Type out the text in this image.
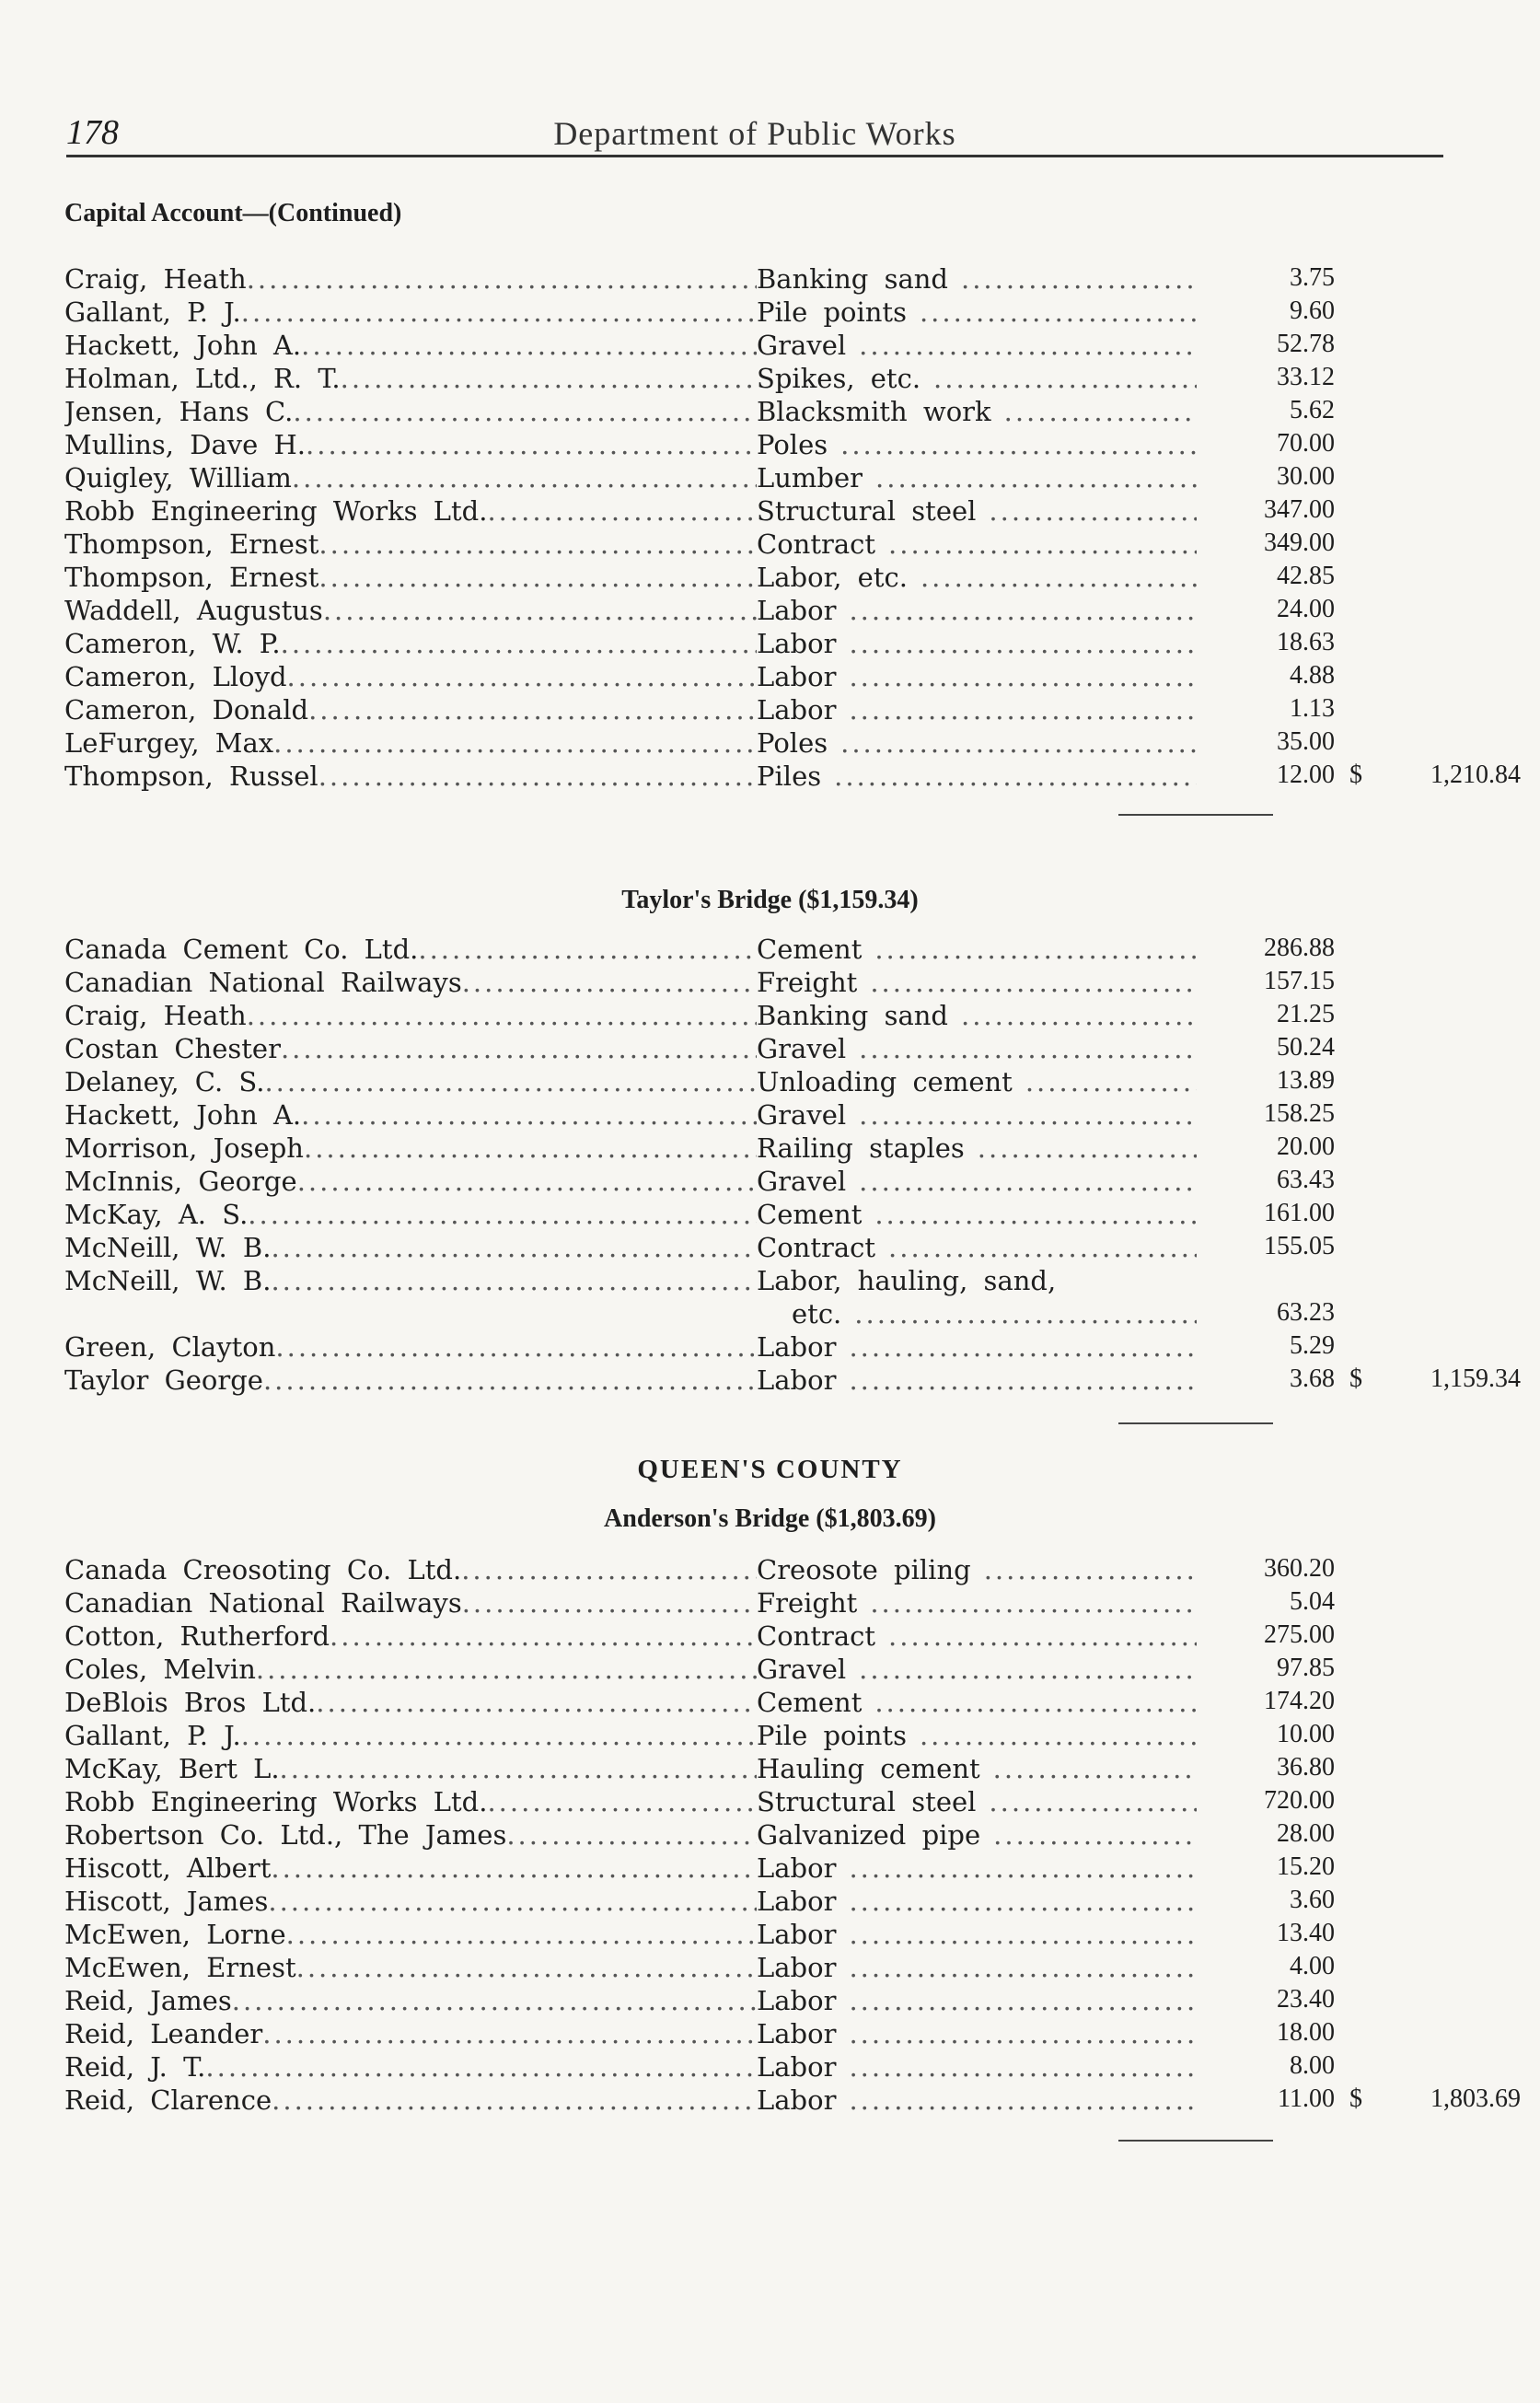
178	Department of Public Works
Capital Account—(Continued)
Craig, Heath .....	Banking sand .....	3.75
Gallant, P. J. .....	Pile points .....	9.60
Hackett, John A. .....	Gravel .....	52.78
Holman, Ltd., R. T. .....	Spikes, etc. .....	33.12
Jensen, Hans C. .....	Blacksmith work .....	5.62
Mullins, Dave H. .....	Poles .....	70.00
Quigley, William .....	Lumber .....	30.00
Robb Engineering Works Ltd. .....	Structural steel .....	347.00
Thompson, Ernest .....	Contract .....	349.00
Thompson, Ernest .....	Labor, etc. .....	42.85
Waddell, Augustus .....	Labor .....	24.00
Cameron, W. P. .....	Labor .....	18.63
Cameron, Lloyd .....	Labor .....	4.88
Cameron, Donald .....	Labor .....	1.13
LeFurgey, Max .....	Poles .....	35.00
Thompson, Russel .....	Piles .....	12.00 $	1,210.84
Taylor's Bridge ($1,159.34)
Canada Cement Co. Ltd. .....	Cement .....	286.88
Canadian National Railways .....	Freight .....	157.15
Craig, Heath .....	Banking sand .....	21.25
Costan Chester .....	Gravel .....	50.24
Delaney, C. S. .....	Unloading cement .....	13.89
Hackett, John A. .....	Gravel .....	158.25
Morrison, Joseph .....	Railing staples .....	20.00
McInnis, George .....	Gravel .....	63.43
McKay, A. S. .....	Cement .....	161.00
McNeill, W. B. .....	Contract .....	155.05
McNeill, W. B. .....	Labor, hauling, sand,
etc. .....	63.23
Green, Clayton .....	Labor .....	5.29
Taylor George .....	Labor .....	3.68 $	1,159.34
QUEEN'S COUNTY
Anderson's Bridge ($1,803.69)
Canada Creosoting Co. Ltd. .....	Creosote piling .....	360.20
Canadian National Railways .....	Freight .....	5.04
Cotton, Rutherford .....	Contract .....	275.00
Coles, Melvin .....	Gravel .....	97.85
DeBlois Bros Ltd. .....	Cement .....	174.20
Gallant, P. J. .....	Pile points .....	10.00
McKay, Bert L. .....	Hauling cement .....	36.80
Robb Engineering Works Ltd. .....	Structural steel .....	720.00
Robertson Co. Ltd., The James .....	Galvanized pipe .....	28.00
Hiscott, Albert .....	Labor .....	15.20
Hiscott, James .....	Labor .....	3.60
McEwen, Lorne .....	Labor .....	13.40
McEwen, Ernest .....	Labor .....	4.00
Reid, James .....	Labor .....	23.40
Reid, Leander .....	Labor .....	18.00
Reid, J. T. .....	Labor .....	8.00
Reid, Clarence .....	Labor .....	11.00 $	1,803.69
